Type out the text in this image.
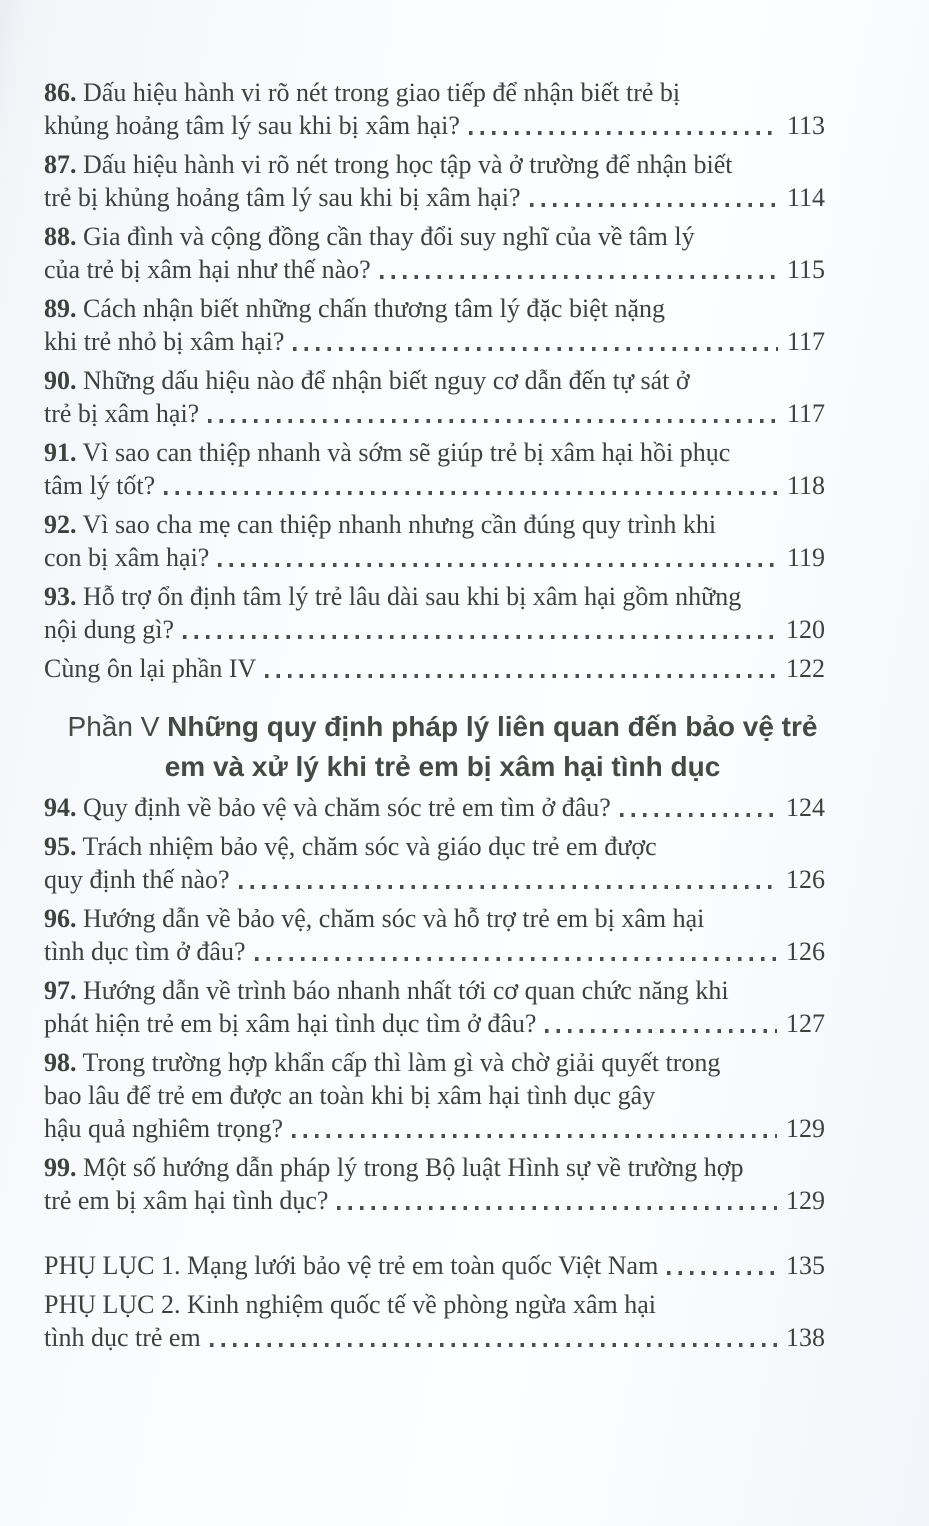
86. Dấu hiệu hành vi rõ nét trong giao tiếp để nhận biết trẻ bị
khủng hoảng tâm lý sau khi bị xâm hại?	113
87. Dấu hiệu hành vi rõ nét trong học tập và ở trường để nhận biết
trẻ bị khủng hoảng tâm lý sau khi bị xâm hại?	114
88. Gia đình và cộng đồng cần thay đổi suy nghĩ của về tâm lý
của trẻ bị xâm hại như thế nào?	115
89. Cách nhận biết những chấn thương tâm lý đặc biệt nặng
khi trẻ nhỏ bị xâm hại?	117
90. Những dấu hiệu nào để nhận biết nguy cơ dẫn đến tự sát ở
trẻ bị xâm hại?	117
91. Vì sao can thiệp nhanh và sớm sẽ giúp trẻ bị xâm hại hồi phục
tâm lý tốt?	118
92. Vì sao cha mẹ can thiệp nhanh nhưng cần đúng quy trình khi
con bị xâm hại?	119
93. Hỗ trợ ổn định tâm lý trẻ lâu dài sau khi bị xâm hại gồm những
nội dung gì?	120
Cùng ôn lại phần IV	122
Phần V Những quy định pháp lý liên quan đến bảo vệ trẻ
em và xử lý khi trẻ em bị xâm hại tình dục
94. Quy định về bảo vệ và chăm sóc trẻ em tìm ở đâu?	124
95. Trách nhiệm bảo vệ, chăm sóc và giáo dục trẻ em được
quy định thế nào?	126
96. Hướng dẫn về bảo vệ, chăm sóc và hỗ trợ trẻ em bị xâm hại
tình dục tìm ở đâu?	126
97. Hướng dẫn về trình báo nhanh nhất tới cơ quan chức năng khi
phát hiện trẻ em bị xâm hại tình dục tìm ở đâu?	127
98. Trong trường hợp khẩn cấp thì làm gì và chờ giải quyết trong
bao lâu để trẻ em được an toàn khi bị xâm hại tình dục gây
hậu quả nghiêm trọng?	129
99. Một số hướng dẫn pháp lý trong Bộ luật Hình sự về trường hợp
trẻ em bị xâm hại tình dục?	129
PHỤ LỤC 1. Mạng lưới bảo vệ trẻ em toàn quốc Việt Nam	135
PHỤ LỤC 2. Kinh nghiệm quốc tế về phòng ngừa xâm hại
tình dục trẻ em	138
